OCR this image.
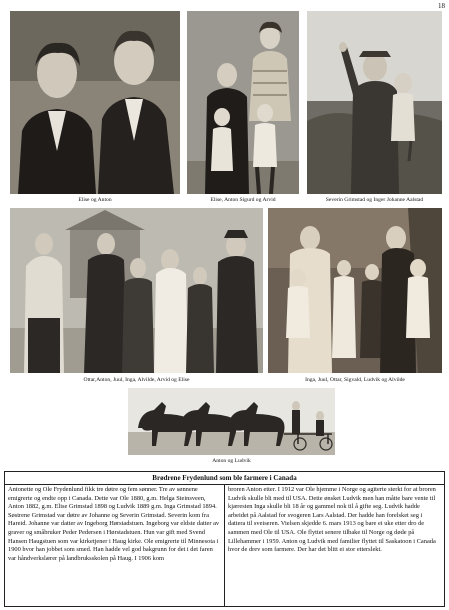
18
Elise og Anton	Elise, Anton Sigurd og Arvid	Severin Grimstad og Inger Johanne Aalstad
Ottar,Anton, Juul, Inga, Alvilde, Arvid og Elise	Inga, Juul, Ottar, Sigvald, Ludvik og Alvilde
Anton og Ludvik
Brødrene Frydenlund som ble farmere i Canada
Antonette og Ole Frydenlund fikk tre døtre og fem sønner. Tre av sønnene emigrerte og endte opp i Canada. Dette var Ole 1880, g.m. Helga Steinsveen, Anton 1882, g.m. Elise Grimstad 1898 og Ludvik 1889 g.m. Inga Grimstad 1894. Søstrene Grimstad var døtre av Johanne og Severin Grimstad. Severin kom fra Hareid. Johanne var datter av Ingeborg Hørstadstuen. Ingeborg var eldste datter av graver og småbruker Peder Pedersen i Hørstadstuen. Hun var gift med Svend Hansen Haugstuen som var kirketjener i Haug kirke. Ole emigrerte til Minnesota i 1900 hvor han jobbet som smed. Han hadde vel god bakgrunn for det i det faren var håndverkslærer på landbruksskolen på Haug. I 1906 kom
broren Anton etter. I 1912 var Ole hjemme i Norge og agiterte sterkt for at broren Ludvik skulle bli med til USA. Dette ønsket Ludvik men han måtte bare vente til kjæresten Inga skulle bli 18 år og gammel nok til å gifte seg. Ludvik hadde arbeidet på Aalstad for svogeren Lars Aalstad. Der hadde han forelsket seg i dattera til sveiseren. Vielsen skjedde 6. mars 1913 og bare ei uke etter dro de sammen med Ole til USA. Ole flyttet senere tilbake til Norge og døde på Lillehammer i 1959. Anton og Ludvik med familier flyttet til Saskatoon i Canada hvor de drev som farmere. Der har det blitt ei stor etterslekt.
